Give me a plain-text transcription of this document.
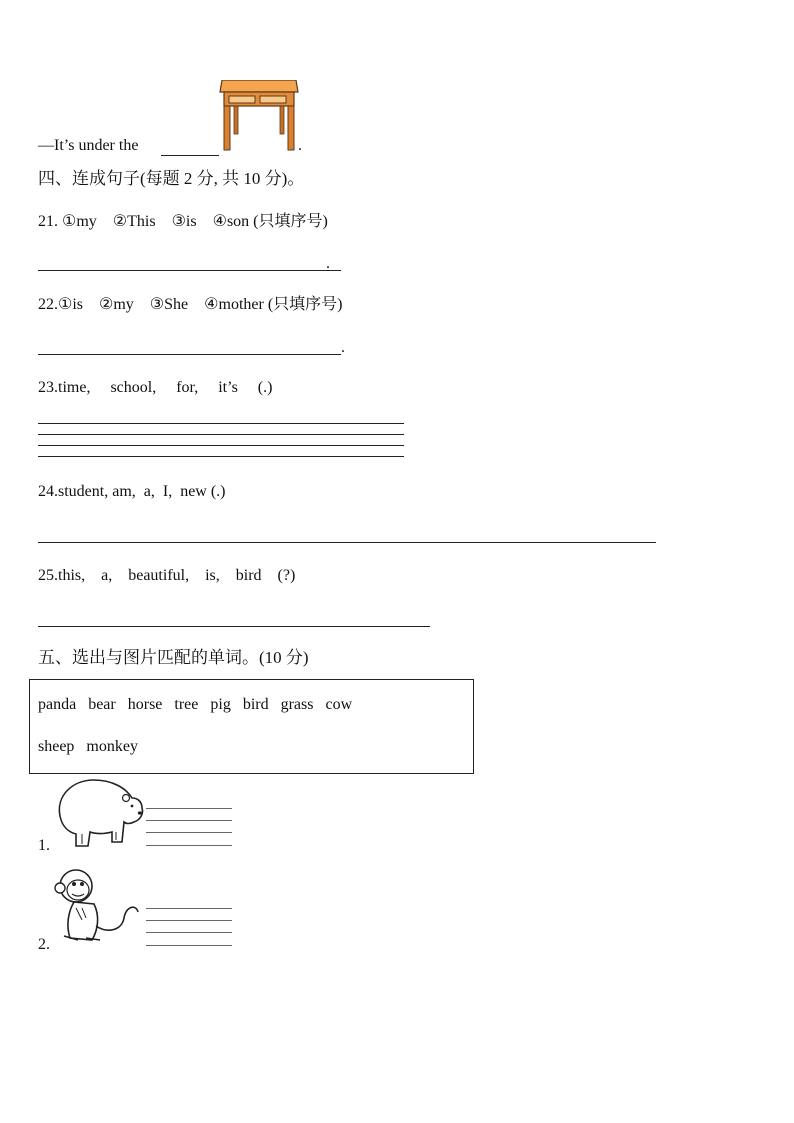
—It’s under the	.
四、连成句子(每题 2 分, 共 10 分)。
21. ①my    ②This    ③is    ④son (只填序号)
.
22.①is    ②my    ③She    ④mother (只填序号)
.
23.time,     school,     for,     it’s     (.)
24.student, am,  a,  I,  new (.)
25.this,    a,    beautiful,    is,    bird    (?)
五、选出与图片匹配的单词。(10 分)
panda   bear   horse   tree   pig   bird   grass   cow
sheep   monkey
1.
2.
